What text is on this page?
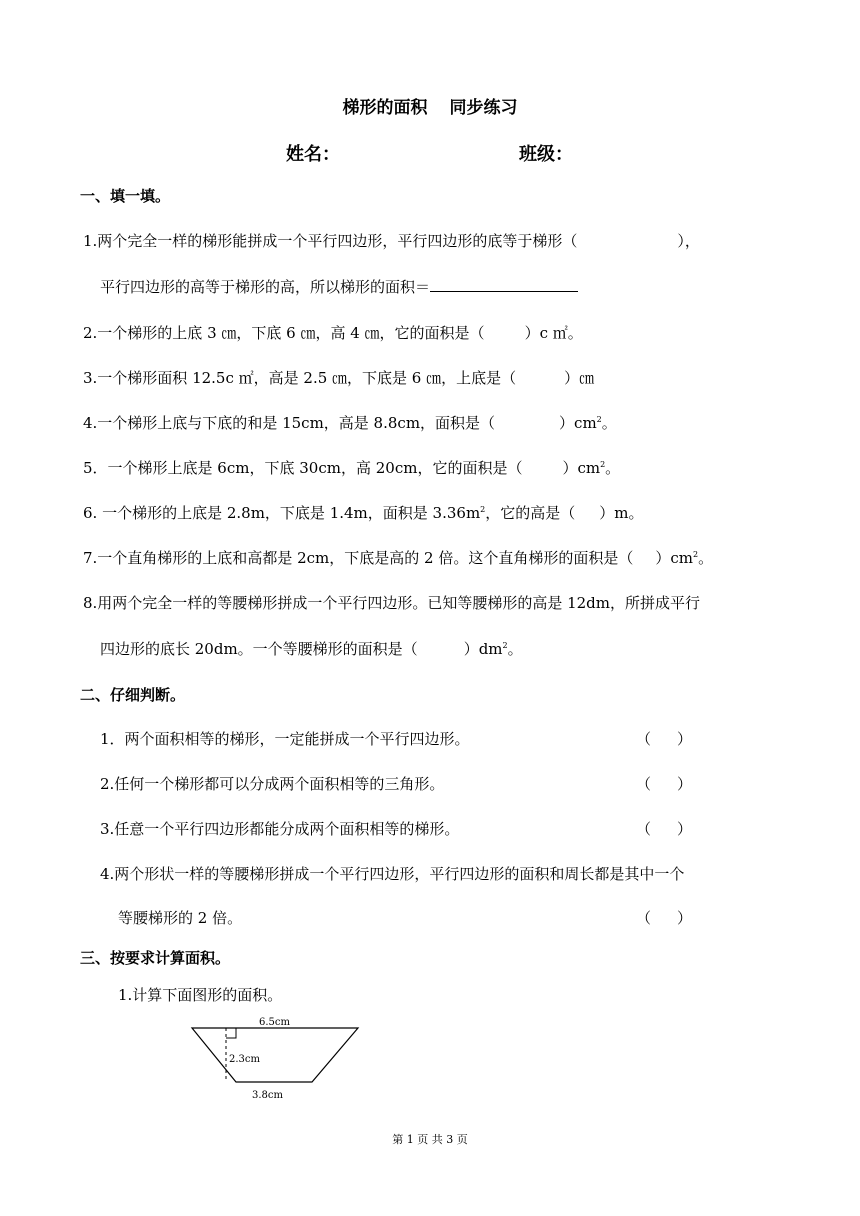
梯形的面积 同步练习
姓名：	班级：
一、填一填。
1.两个完全一样的梯形能拼成一个平行四边形，平行四边形的底等于梯形（	），
平行四边形的高等于梯形的高，所以梯形的面积＝
2.一个梯形的上底 3 ㎝，下底 6 ㎝，高 4 ㎝，它的面积是（	）c ㎡。
3.一个梯形面积 12.5c ㎡，高是 2.5 ㎝，下底是 6 ㎝，上底是（	）㎝
4.一个梯形上底与下底的和是 15cm，高是 8.8cm，面积是（	）$cm^2$。
5．一个梯形上底是 6cm，下底 30cm，高 20cm，它的面积是（	）$cm^2$。
6. 一个梯形的上底是 2.8m，下底是 1.4m，面积是 $3.36m^2$，它的高是（ ）m。
7.一个直角梯形的上底和高都是 2cm，下底是高的 2 倍。这个直角梯形的面积是（ ）$cm^2$。
8.用两个完全一样的等腰梯形拼成一个平行四边形。已知等腰梯形的高是 12dm，所拼成平行
四边形的底长 20dm。一个等腰梯形的面积是（	）$dm^2$。
二、仔细判断。
1．两个面积相等的梯形，一定能拼成一个平行四边形。	（ ）
2.任何一个梯形都可以分成两个面积相等的三角形。	（ ）
3.任意一个平行四边形都能分成两个面积相等的梯形。	（ ）
4.两个形状一样的等腰梯形拼成一个平行四边形，平行四边形的面积和周长都是其中一个
等腰梯形的 2 倍。	（ ）
三、按要求计算面积。
1.计算下面图形的面积。
6.5cm
2.3cm
3.8cm
第 1 页 共 3 页
